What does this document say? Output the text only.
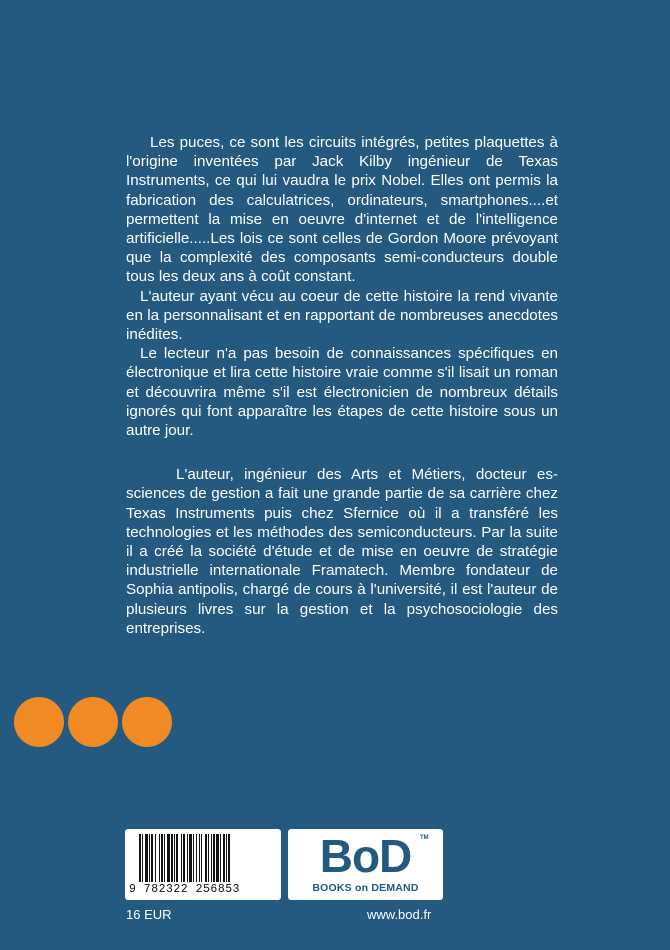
Les puces, ce sont les circuits intégrés, petites plaquettes à l'origine inventées par Jack Kilby ingénieur de Texas Instruments, ce qui lui vaudra le prix Nobel. Elles ont permis la fabrication des calculatrices, ordinateurs, smartphones....et permettent la mise en oeuvre d'internet et de l'intelligence artificielle.....Les lois ce sont celles de Gordon Moore prévoyant que la complexité des composants semi-conducteurs double tous les deux ans à coût constant.

L'auteur ayant vécu au coeur de cette histoire la rend vivante en la personnalisant et en rapportant de nombreuses anecdotes inédites.

Le lecteur n'a pas besoin de connaissances spécifiques en électronique et lira cette histoire vraie comme s'il lisait un roman et découvrira même s'il est électronicien de nombreux détails ignorés qui font apparaître les étapes de cette histoire sous un autre jour.

L'auteur, ingénieur des Arts et Métiers, docteur es-sciences de gestion a fait une grande partie de sa carrière chez Texas Instruments puis chez Sfernice où il a transféré les technologies et les méthodes des semiconducteurs. Par la suite il a créé la société d'étude et de mise en oeuvre de stratégie industrielle internationale Framatech. Membre fondateur de Sophia antipolis, chargé de cours à l'université, il est l'auteur de plusieurs livres sur la gestion et la psychosociologie des entreprises.

9 782322 256853
BoD	TM
BOOKS on DEMAND
16 EUR	www.bod.fr
